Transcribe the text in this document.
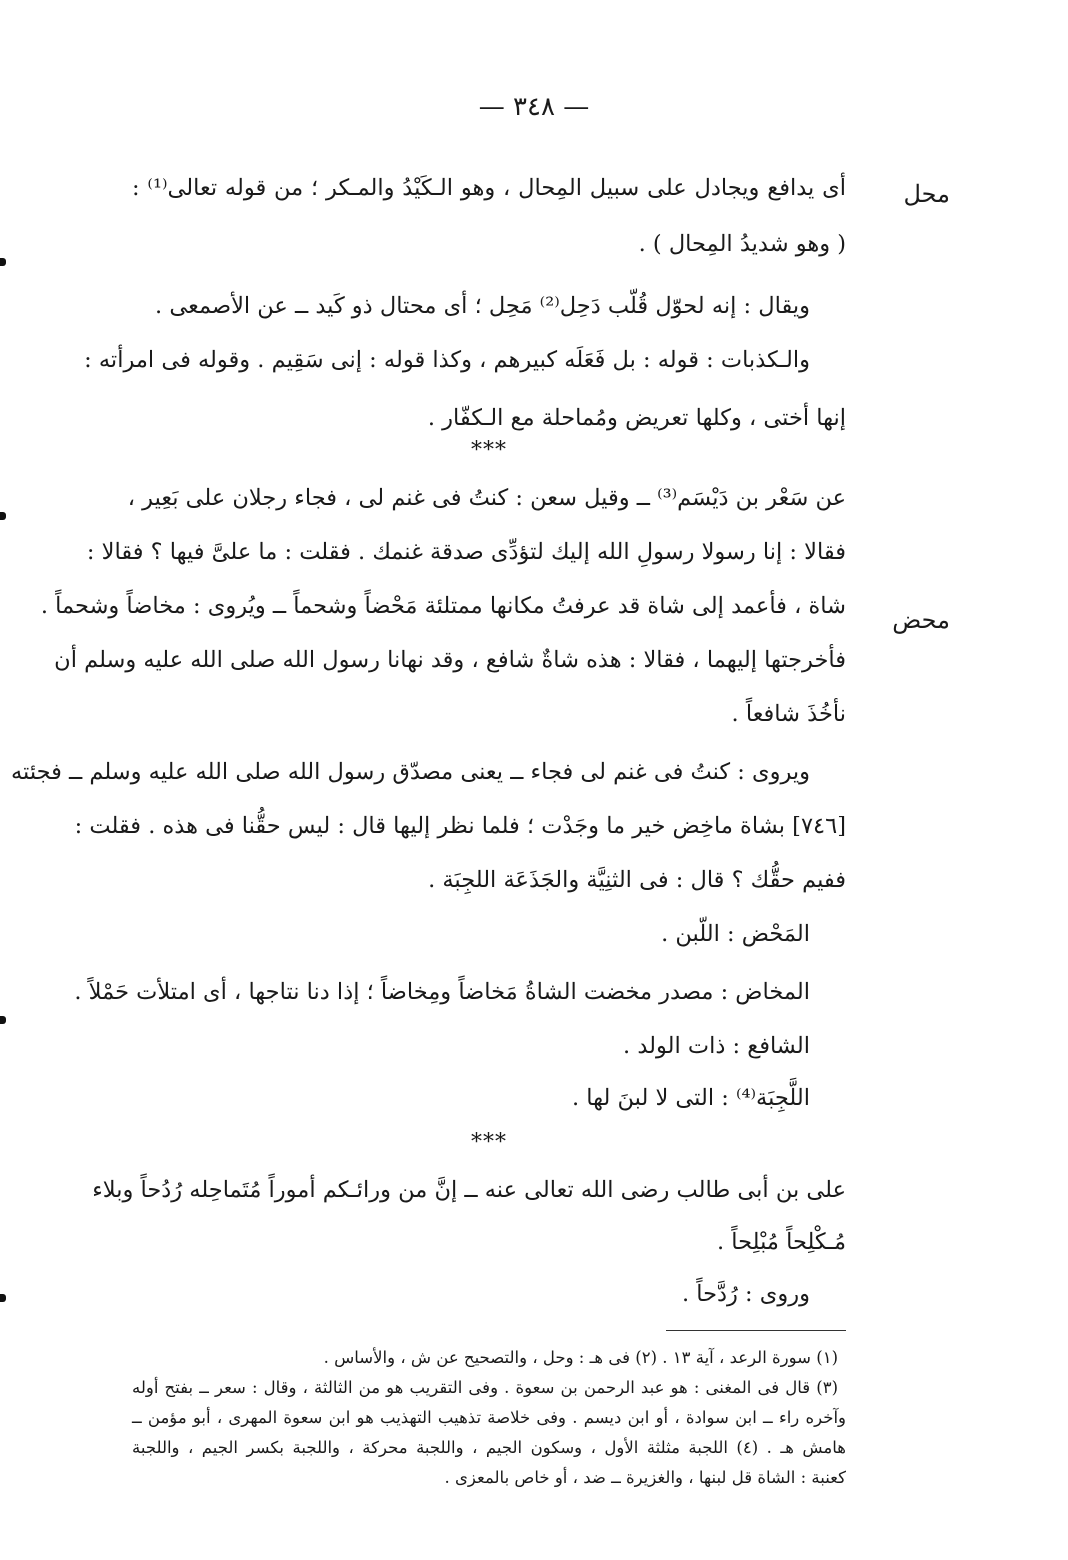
— ٣٤٨ —
محل
محض
أى يدافع ويجادل على سبيل المِحال ، وهو الـكَيْدُ والمـكر ؛ من قوله تعالى⁽¹⁾ :
( وهو شديدُ المِحال ) .
ويقال : إنه لحوّل قُلّب دَحِل⁽²⁾ مَحِل ؛ أى محتال ذو كَيد ــ عن الأصمعى .
والـكذبات : قوله : بل فَعَلَه كبيرهم ، وكذا قوله : إنى سَقِيم . وقوله فى امرأته :
إنها أختى ، وكلها تعريض ومُماحلة مع الـكفّار .
***
عن سَعْر بن دَيْسَم⁽³⁾ ــ وقيل سعن : كنتُ فى غنم لى ، فجاء رجلان على بَعِير ،
فقالا : إنا رسولا رسولِ الله إليك لتؤدِّى صدقة غنمك . فقلت : ما علىَّ فيها ؟ فقالا :
شاة ، فأعمد إلى شاة قد عرفتُ مكانها ممتلئة مَحْضاً وشحماً ــ ويُروى : مخاضاً وشحماً .
فأخرجتها إليهما ، فقالا : هذه شاةٌ شافع ، وقد نهانا رسول الله صلى الله عليه وسلم أن
نأخُذَ شافعاً .
ويروى : كنتُ فى غنم لى فجاء ــ يعنى مصدّق رسول الله صلى الله عليه وسلم ــ فجئته
[٧٤٦] بشاة ماخِض خير ما وجَدْت ؛ فلما نظر إليها قال : ليس حقُّنا فى هذه . فقلت :
ففيم حقُّك ؟ قال : فى الثنِيَّة والجَذَعَة اللجِبَة .
المَحْض : اللّبن .
المخاض : مصدر مخضت الشاةُ مَخاضاً ومِخاضاً ؛ إذا دنا نتاجها ، أى امتلأت حَمْلاً .
الشافع : ذات الولد .
اللَّجِبَة⁽⁴⁾ : التى لا لبنَ لها .
***
على بن أبى طالب رضى الله تعالى عنه ــ إنَّ من ورائـكم أموراً مُتَماحِله رُدُحاً وبلاء
مُـكْلِحاً مُبْلِحاً .
وروى : رُدَّحاً .
(١) سورة الرعد ، آية ١٣ . (٢) فى هـ : وحل ، والتصحيح عن ش ، والأساس .
(٣) قال فى المغنى : هو عبد الرحمن بن سعوة . وفى التقريب هو من الثالثة ، وقال : سعر ــ بفتح أوله
وآخره راء ــ ابن سوادة ، أو ابن ديسم . وفى خلاصة تذهيب التهذيب هو ابن سعوة المهرى ، أبو مؤمن ــ
هامش هـ . (٤) اللجبة مثلثة الأول ، وسكون الجيم ، واللجبة محركة ، واللجبة بكسر الجيم ، واللجبة
كعنبة : الشاة قل لبنها ، والغزيرة ــ ضد ، أو خاص بالمعزى .
